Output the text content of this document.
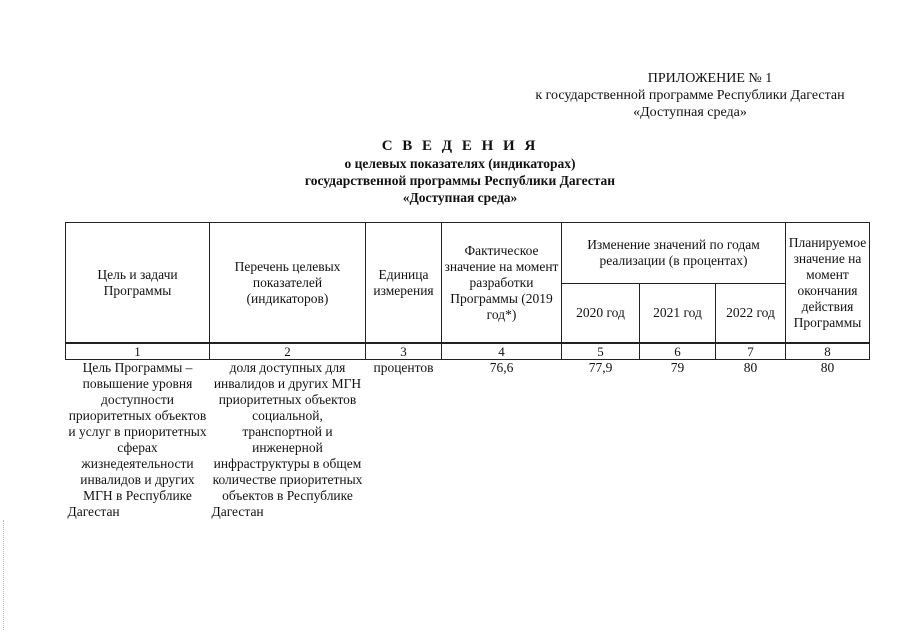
ПРИЛОЖЕНИЕ № 1
к государственной программе Республики Дагестан
«Доступная среда»
С В Е Д Е Н И Я
о целевых показателях (индикаторах)
государственной программы Республики Дагестан
«Доступная среда»
Цель и задачи Программы	Перечень целевых показателей (индикаторов)	Единица измерения	Фактическое значение на момент разработки Программы (2019 год*)	Изменение значений по годам реализации (в процентах)			Планируемое значение на момент окончания действия Программы
				2020 год	2021 год	2022 год	
1	2	3	4	5	6	7	8
Цель Программы – повышение уровня доступности приоритетных объектов и услуг в приоритетных сферах жизнедеятельности инвалидов и других МГН в Республике Дагестан	доля доступных для инвалидов и других МГН приоритетных объектов социальной, транспортной и инженерной инфраструктуры в общем количестве приоритетных объектов в Республике Дагестан	процентов	76,6	77,9	79	80	80
